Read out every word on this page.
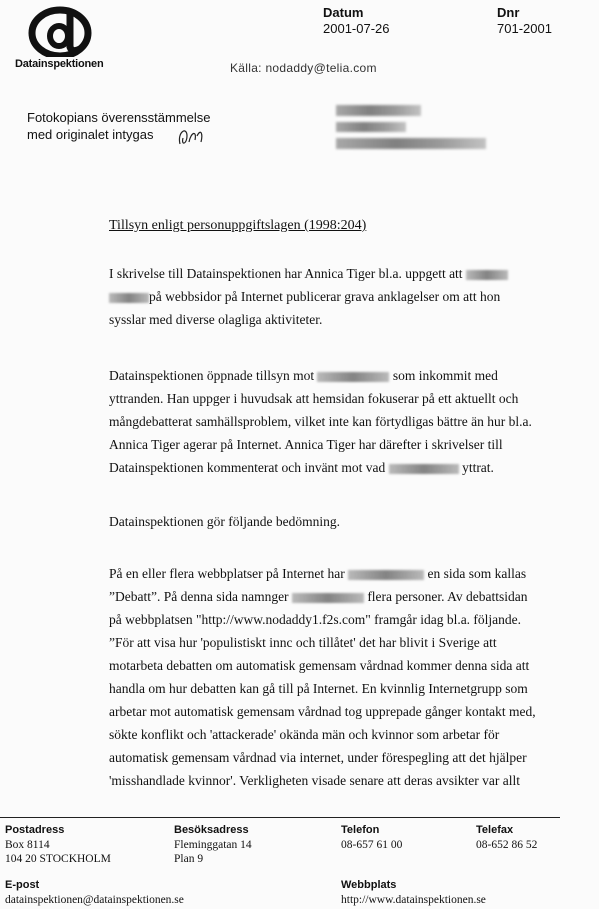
Datainspektionen
Datum
2001-07-26
Dnr
701-2001
Källa: nodaddy@telia.com
Fotokopians överensstämmelse
med originalet intygas
Tillsyn enligt personuppgiftslagen (1998:204)

I skrivelse till Datainspektionen har Annica Tiger bl.a. uppgett att

på webbsidor på Internet publicerar grava anklagelser om att hon

sysslar med diverse olagliga aktiviteter.

Datainspektionen öppnade tillsyn mot	som inkommit med

yttranden. Han uppger i huvudsak att hemsidan fokuserar på ett aktuellt och

mångdebatterat samhällsproblem, vilket inte kan förtydligas bättre än hur bl.a.

Annica Tiger agerar på Internet. Annica Tiger har därefter i skrivelser till

Datainspektionen kommenterat och invänt mot vad	yttrat.

Datainspektionen gör följande bedömning.

På en eller flera webbplatser på Internet har	en sida som kallas

”Debatt”. På denna sida namnger	flera personer. Av debattsidan

på webbplatsen "http://www.nodaddy1.f2s.com" framgår idag bl.a. följande.

”För att visa hur 'populistiskt innc och tillåtet' det har blivit i Sverige att

motarbeta debatten om automatisk gemensam vårdnad kommer denna sida att

handla om hur debatten kan gå till på Internet. En kvinnlig Internetgrupp som

arbetar mot automatisk gemensam vårdnad tog upprepade gånger kontakt med,

sökte konflikt och 'attackerade' okända män och kvinnor som arbetar för

automatisk gemensam vårdnad via internet, under förespegling att det hjälper

'misshandlade kvinnor'. Verkligheten visade senare att deras avsikter var allt

Postadress
Box 8114
104 20 STOCKHOLM
Besöksadress
Fleminggatan 14
Plan 9
Telefon
08-657 61 00
Telefax
08-652 86 52
E-post
datainspektionen@datainspektionen.se
Webbplats
http://www.datainspektionen.se
